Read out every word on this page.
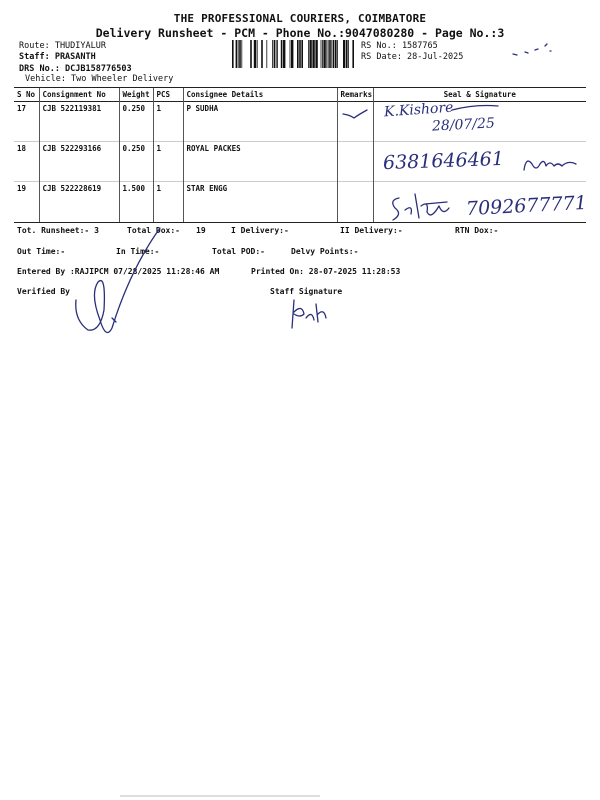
THE PROFESSIONAL COURIERS, COIMBATORE
Delivery Runsheet - PCM - Phone No.:9047080280 - Page No.:3
Route: THUDIYALUR
Staff: PRASANTH
DRS No.: DCJB158776503
Vehicle: Two Wheeler Delivery
RS No.: 1587765
RS Date: 28-Jul-2025
S No	Consignment No	Weight	PCS	Consignee Details	Remarks	Seal & Signature
17	CJB 522119381	0.250	1	P SUDHA		
18	CJB 522293166	0.250	1	ROYAL PACKES		
19	CJB 522228619	1.500	1	STAR ENGG		
K.Kishore
28/07/25
6381646461
7092677771
Tot. Runsheet:- 3	Total Dox:- 19	I Delivery:-	II Delivery:-	RTN Dox:-
Out Time:-	In Time:-	Total POD:-	Delvy Points:-
Entered By :RAJIPCM 07/28/2025 11:28:46 AM	Printed On: 28-07-2025 11:28:53
Verified By	Staff Signature
